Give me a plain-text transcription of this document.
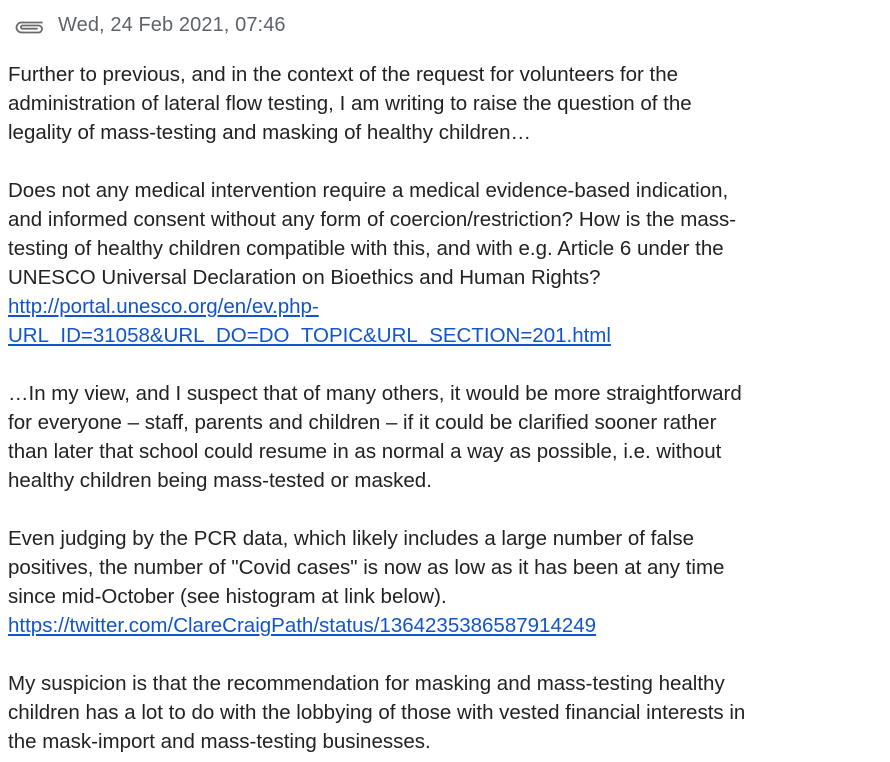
Wed, 24 Feb 2021, 07:46
Further to previous, and in the context of the request for volunteers for the
administration of lateral flow testing, I am writing to raise the question of the
legality of mass-testing and masking of healthy children…
Does not any medical intervention require a medical evidence-based indication,
and informed consent without any form of coercion/restriction? How is the mass-
testing of healthy children compatible with this, and with e.g. Article 6 under the
UNESCO Universal Declaration on Bioethics and Human Rights?
http://portal.unesco.org/en/ev.php-
URL_ID=31058&URL_DO=DO_TOPIC&URL_SECTION=201.html
…In my view, and I suspect that of many others, it would be more straightforward
for everyone – staff, parents and children – if it could be clarified sooner rather
than later that school could resume in as normal a way as possible, i.e. without
healthy children being mass-tested or masked.
Even judging by the PCR data, which likely includes a large number of false
positives, the number of "Covid cases" is now as low as it has been at any time
since mid-October (see histogram at link below).
https://twitter.com/ClareCraigPath/status/1364235386587914249
My suspicion is that the recommendation for masking and mass-testing healthy
children has a lot to do with the lobbying of those with vested financial interests in
the mask-import and mass-testing businesses.
